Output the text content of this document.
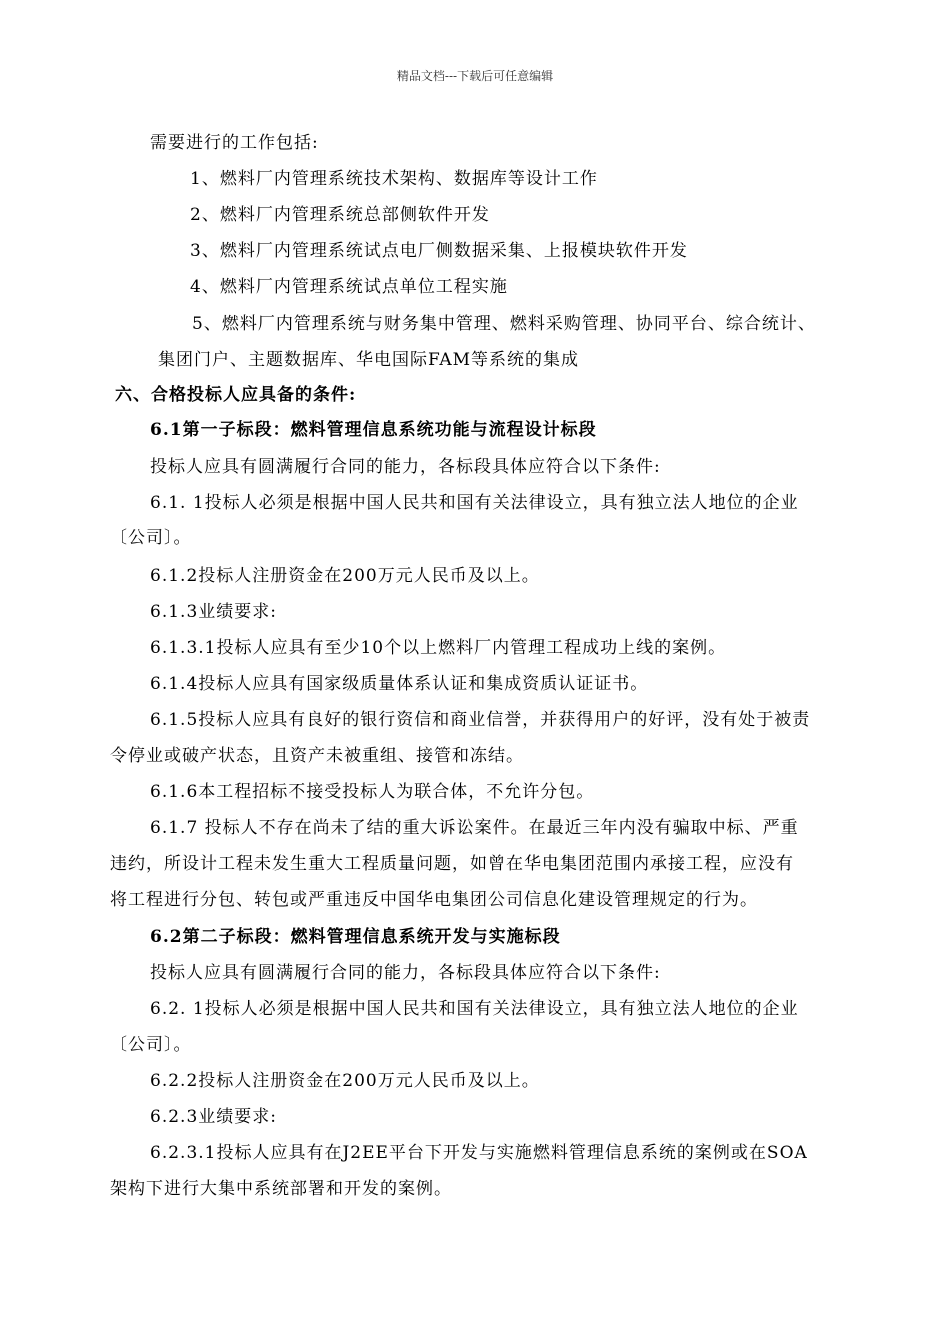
精品文档---下载后可任意编辑
需要进行的工作包括:
1、燃料厂内管理系统技术架构、数据库等设计工作
2、燃料厂内管理系统总部侧软件开发
3、燃料厂内管理系统试点电厂侧数据采集、上报模块软件开发
4、燃料厂内管理系统试点单位工程实施
5、燃料厂内管理系统与财务集中管理、燃料采购管理、协同平台、综合统计、
集团门户、主题数据库、华电国际FAM等系统的集成
六、合格投标人应具备的条件:
6.1第一子标段：燃料管理信息系统功能与流程设计标段
投标人应具有圆满履行合同的能力，各标段具体应符合以下条件:
6.1. 1投标人必须是根据中国人民共和国有关法律设立，具有独立法人地位的企业
〔公司〕。
6.1.2投标人注册资金在200万元人民币及以上。
6.1.3业绩要求:
6.1.3.1投标人应具有至少10个以上燃料厂内管理工程成功上线的案例。
6.1.4投标人应具有国家级质量体系认证和集成资质认证证书。
6.1.5投标人应具有良好的银行资信和商业信誉，并获得用户的好评，没有处于被责
令停业或破产状态，且资产未被重组、接管和冻结。
6.1.6本工程招标不接受投标人为联合体，不允许分包。
6.1.7 投标人不存在尚未了结的重大诉讼案件。在最近三年内没有骗取中标、严重
违约，所设计工程未发生重大工程质量问题，如曾在华电集团范围内承接工程，应没有
将工程进行分包、转包或严重违反中国华电集团公司信息化建设管理规定的行为。
6.2第二子标段：燃料管理信息系统开发与实施标段
投标人应具有圆满履行合同的能力，各标段具体应符合以下条件:
6.2. 1投标人必须是根据中国人民共和国有关法律设立，具有独立法人地位的企业
〔公司〕。
6.2.2投标人注册资金在200万元人民币及以上。
6.2.3业绩要求:
6.2.3.1投标人应具有在J2EE平台下开发与实施燃料管理信息系统的案例或在SOA
架构下进行大集中系统部署和开发的案例。
